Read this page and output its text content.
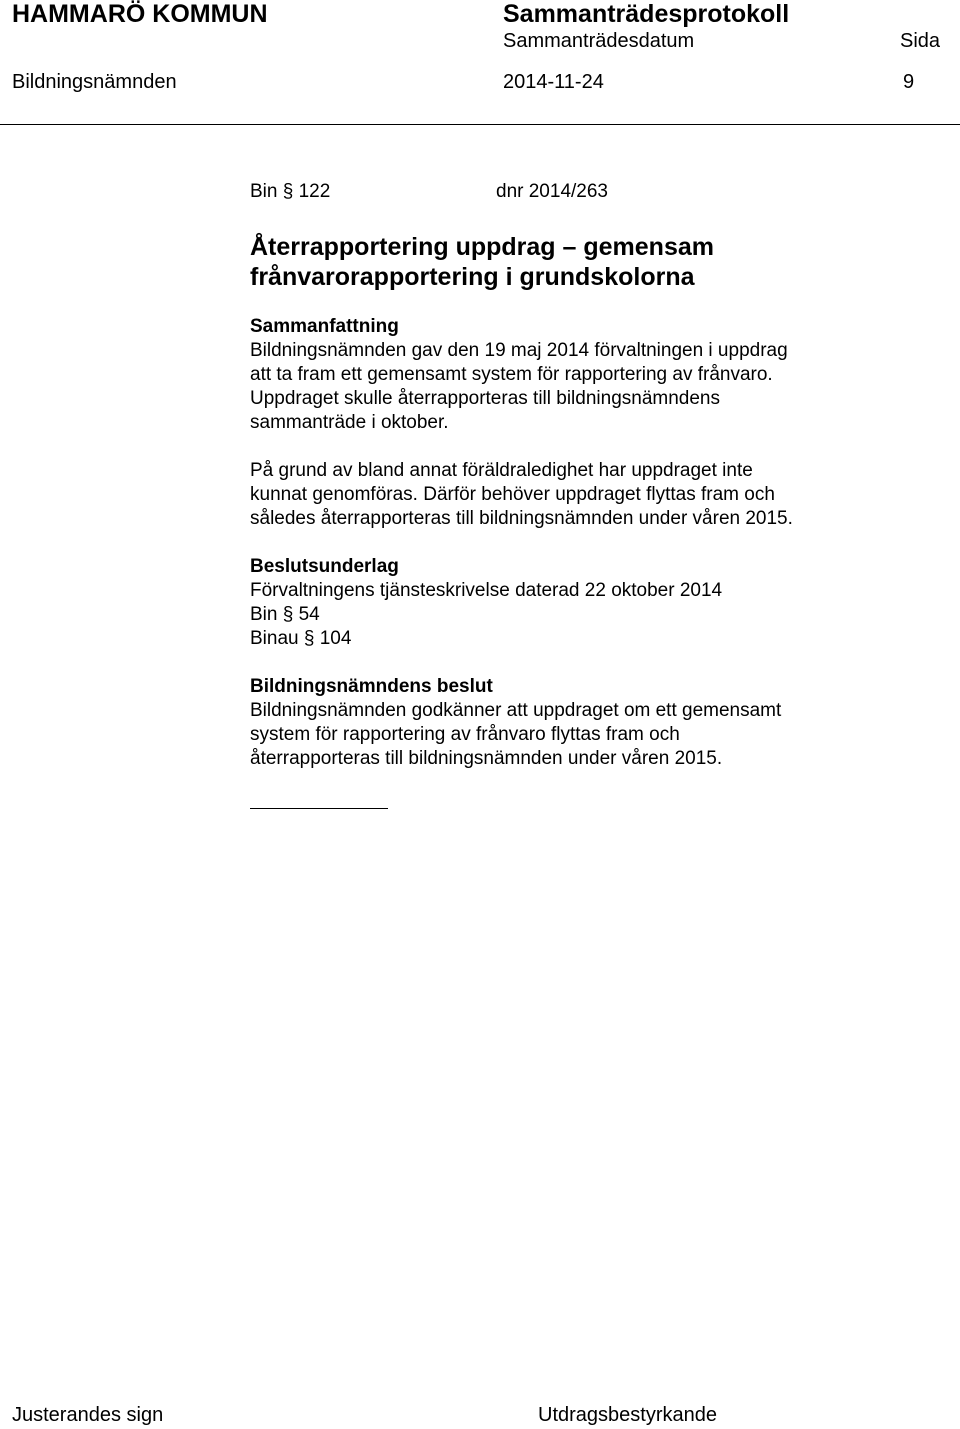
HAMMARÖ KOMMUN	Sammanträdesprotokoll
Sammanträdesdatum	Sida
Bildningsnämnden	2014-11-24	9
Bin § 122	dnr 2014/263
Återrapportering uppdrag – gemensam
frånvarorapportering i grundskolorna
Sammanfattning
Bildningsnämnden gav den 19 maj 2014 förvaltningen i uppdrag
att ta fram ett gemensamt system för rapportering av frånvaro.
Uppdraget skulle återrapporteras till bildningsnämndens
sammanträde i oktober.
På grund av bland annat föräldraledighet har uppdraget inte
kunnat genomföras. Därför behöver uppdraget flyttas fram och
således återrapporteras till bildningsnämnden under våren 2015.
Beslutsunderlag
Förvaltningens tjänsteskrivelse daterad 22 oktober 2014
Bin § 54
Binau § 104
Bildningsnämndens beslut
Bildningsnämnden godkänner att uppdraget om ett gemensamt
system för rapportering av frånvaro flyttas fram och
återrapporteras till bildningsnämnden under våren 2015.
Justerandes sign	Utdragsbestyrkande
